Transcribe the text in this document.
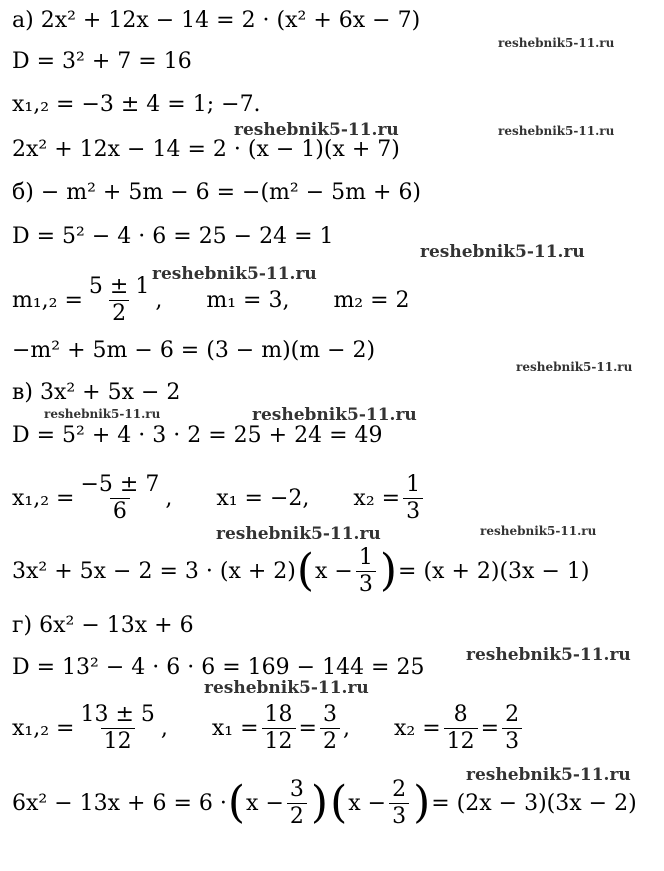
а) 2x² + 12x − 14 = 2 · (x² + 6x − 7)
D = 3² + 7 = 16
x₁,₂ = −3 ± 4 = 1; −7.
2x² + 12x − 14 = 2 · (x − 1)(x + 7)
б) − m² + 5m − 6 = −(m² − 5m + 6)
D = 5² − 4 · 6 = 25 − 24 = 1
$m_1,_2 = \frac{5 \pm 1}{2}$ , m₁ = 3, m₂ = 2
−m² + 5m − 6 = (3 − m)(m − 2)
в) 3x² + 5x − 2
D = 5² + 4 · 3 · 2 = 25 + 24 = 49
$x_1,_2 = \frac{-5 \pm 7}{6}$ , x₁ = −2, $x_2 = \frac{1}{3}$
3x² + 5x − 2 = 3 · (x + 2) ( $x - \frac{1}{3}$ ) = (x + 2)(3x − 1)
г) 6x² − 13x + 6
D = 13² − 4 · 6 · 6 = 169 − 144 = 25
$x_1,_2 = \frac{13 \pm 5}{12}$ , $x_1 = \frac{18}{12} = \frac{3}{2}$ , $x_2 = \frac{8}{12} = \frac{2}{3}$
6x² − 13x + 6 = 6 · ( $x - \frac{3}{2}$ ) ( $x - \frac{2}{3}$ ) = (2x − 3)(3x − 2)
reshebnik5-11.ru
reshebnik5-11.ru	reshebnik5-11.ru
reshebnik5-11.ru
reshebnik5-11.ru
reshebnik5-11.ru
reshebnik5-11.ru	reshebnik5-11.ru
reshebnik5-11.ru	reshebnik5-11.ru
reshebnik5-11.ru
reshebnik5-11.ru
reshebnik5-11.ru
